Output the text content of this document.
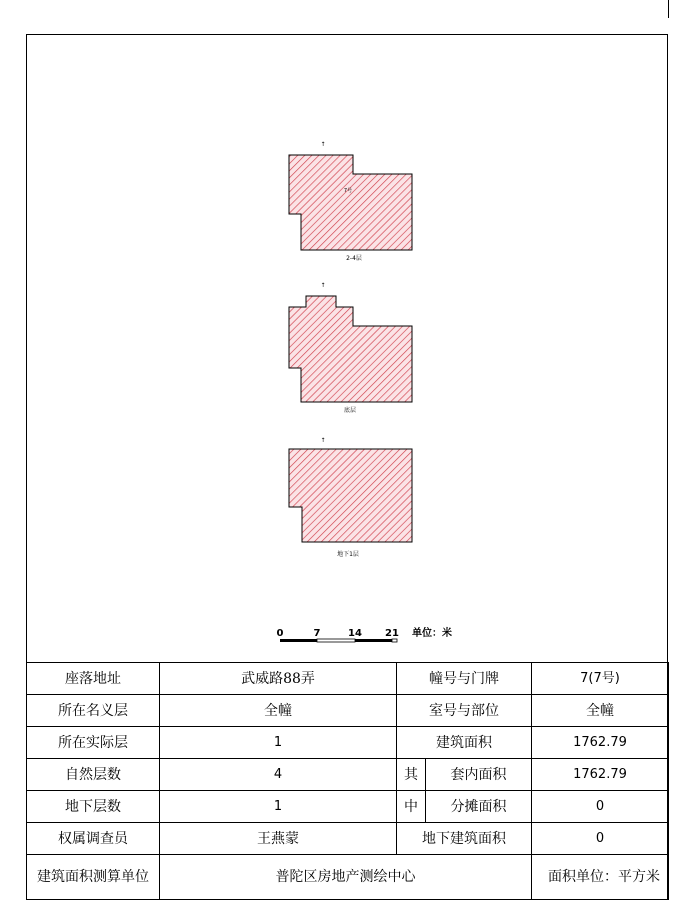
↑
7号
2-4层
↑
底层
↑
地下1层
0	7	14 21 单位：米
座落地址	武威路88弄	幢号与门牌		7(7号)
所在名义层	全幢	室号与部位		全幢
所在实际层	1	建筑面积		1762.79
自然层数	4	其	套内面积	1762.79
地下层数	1	中	分摊面积	0
权属调查员	王燕蒙	地下建筑面积		0
建筑面积测算单位	普陀区房地产测绘中心			面积单位：平方米
